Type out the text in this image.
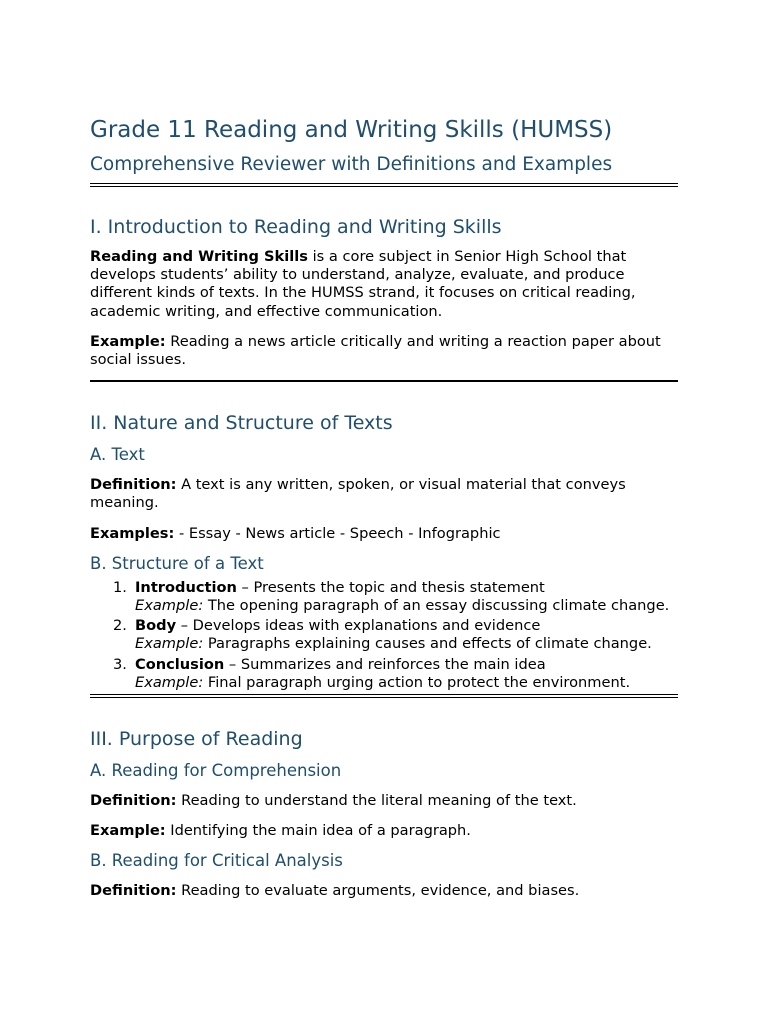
Grade 11 Reading and Writing Skills (HUMSS)
Comprehensive Reviewer with Definitions and Examples
I. Introduction to Reading and Writing Skills

Reading and Writing Skills is a core subject in Senior High School that develops students’ ability to understand, analyze, evaluate, and produce different kinds of texts. In the HUMSS strand, it focuses on critical reading, academic writing, and effective communication.

Example: Reading a news article critically and writing a reaction paper about social issues.

II. Nature and Structure of Texts
A. Text

Definition: A text is any written, spoken, or visual material that conveys meaning.

Examples: - Essay - News article - Speech - Infographic

B. Structure of a Text
1. Introduction – Presents the topic and thesis statement
Example: The opening paragraph of an essay discussing climate change.
2. Body – Develops ideas with explanations and evidence
Example: Paragraphs explaining causes and effects of climate change.
3. Conclusion – Summarizes and reinforces the main idea
Example: Final paragraph urging action to protect the environment.
III. Purpose of Reading
A. Reading for Comprehension

Definition: Reading to understand the literal meaning of the text.

Example: Identifying the main idea of a paragraph.

B. Reading for Critical Analysis

Definition: Reading to evaluate arguments, evidence, and biases.
